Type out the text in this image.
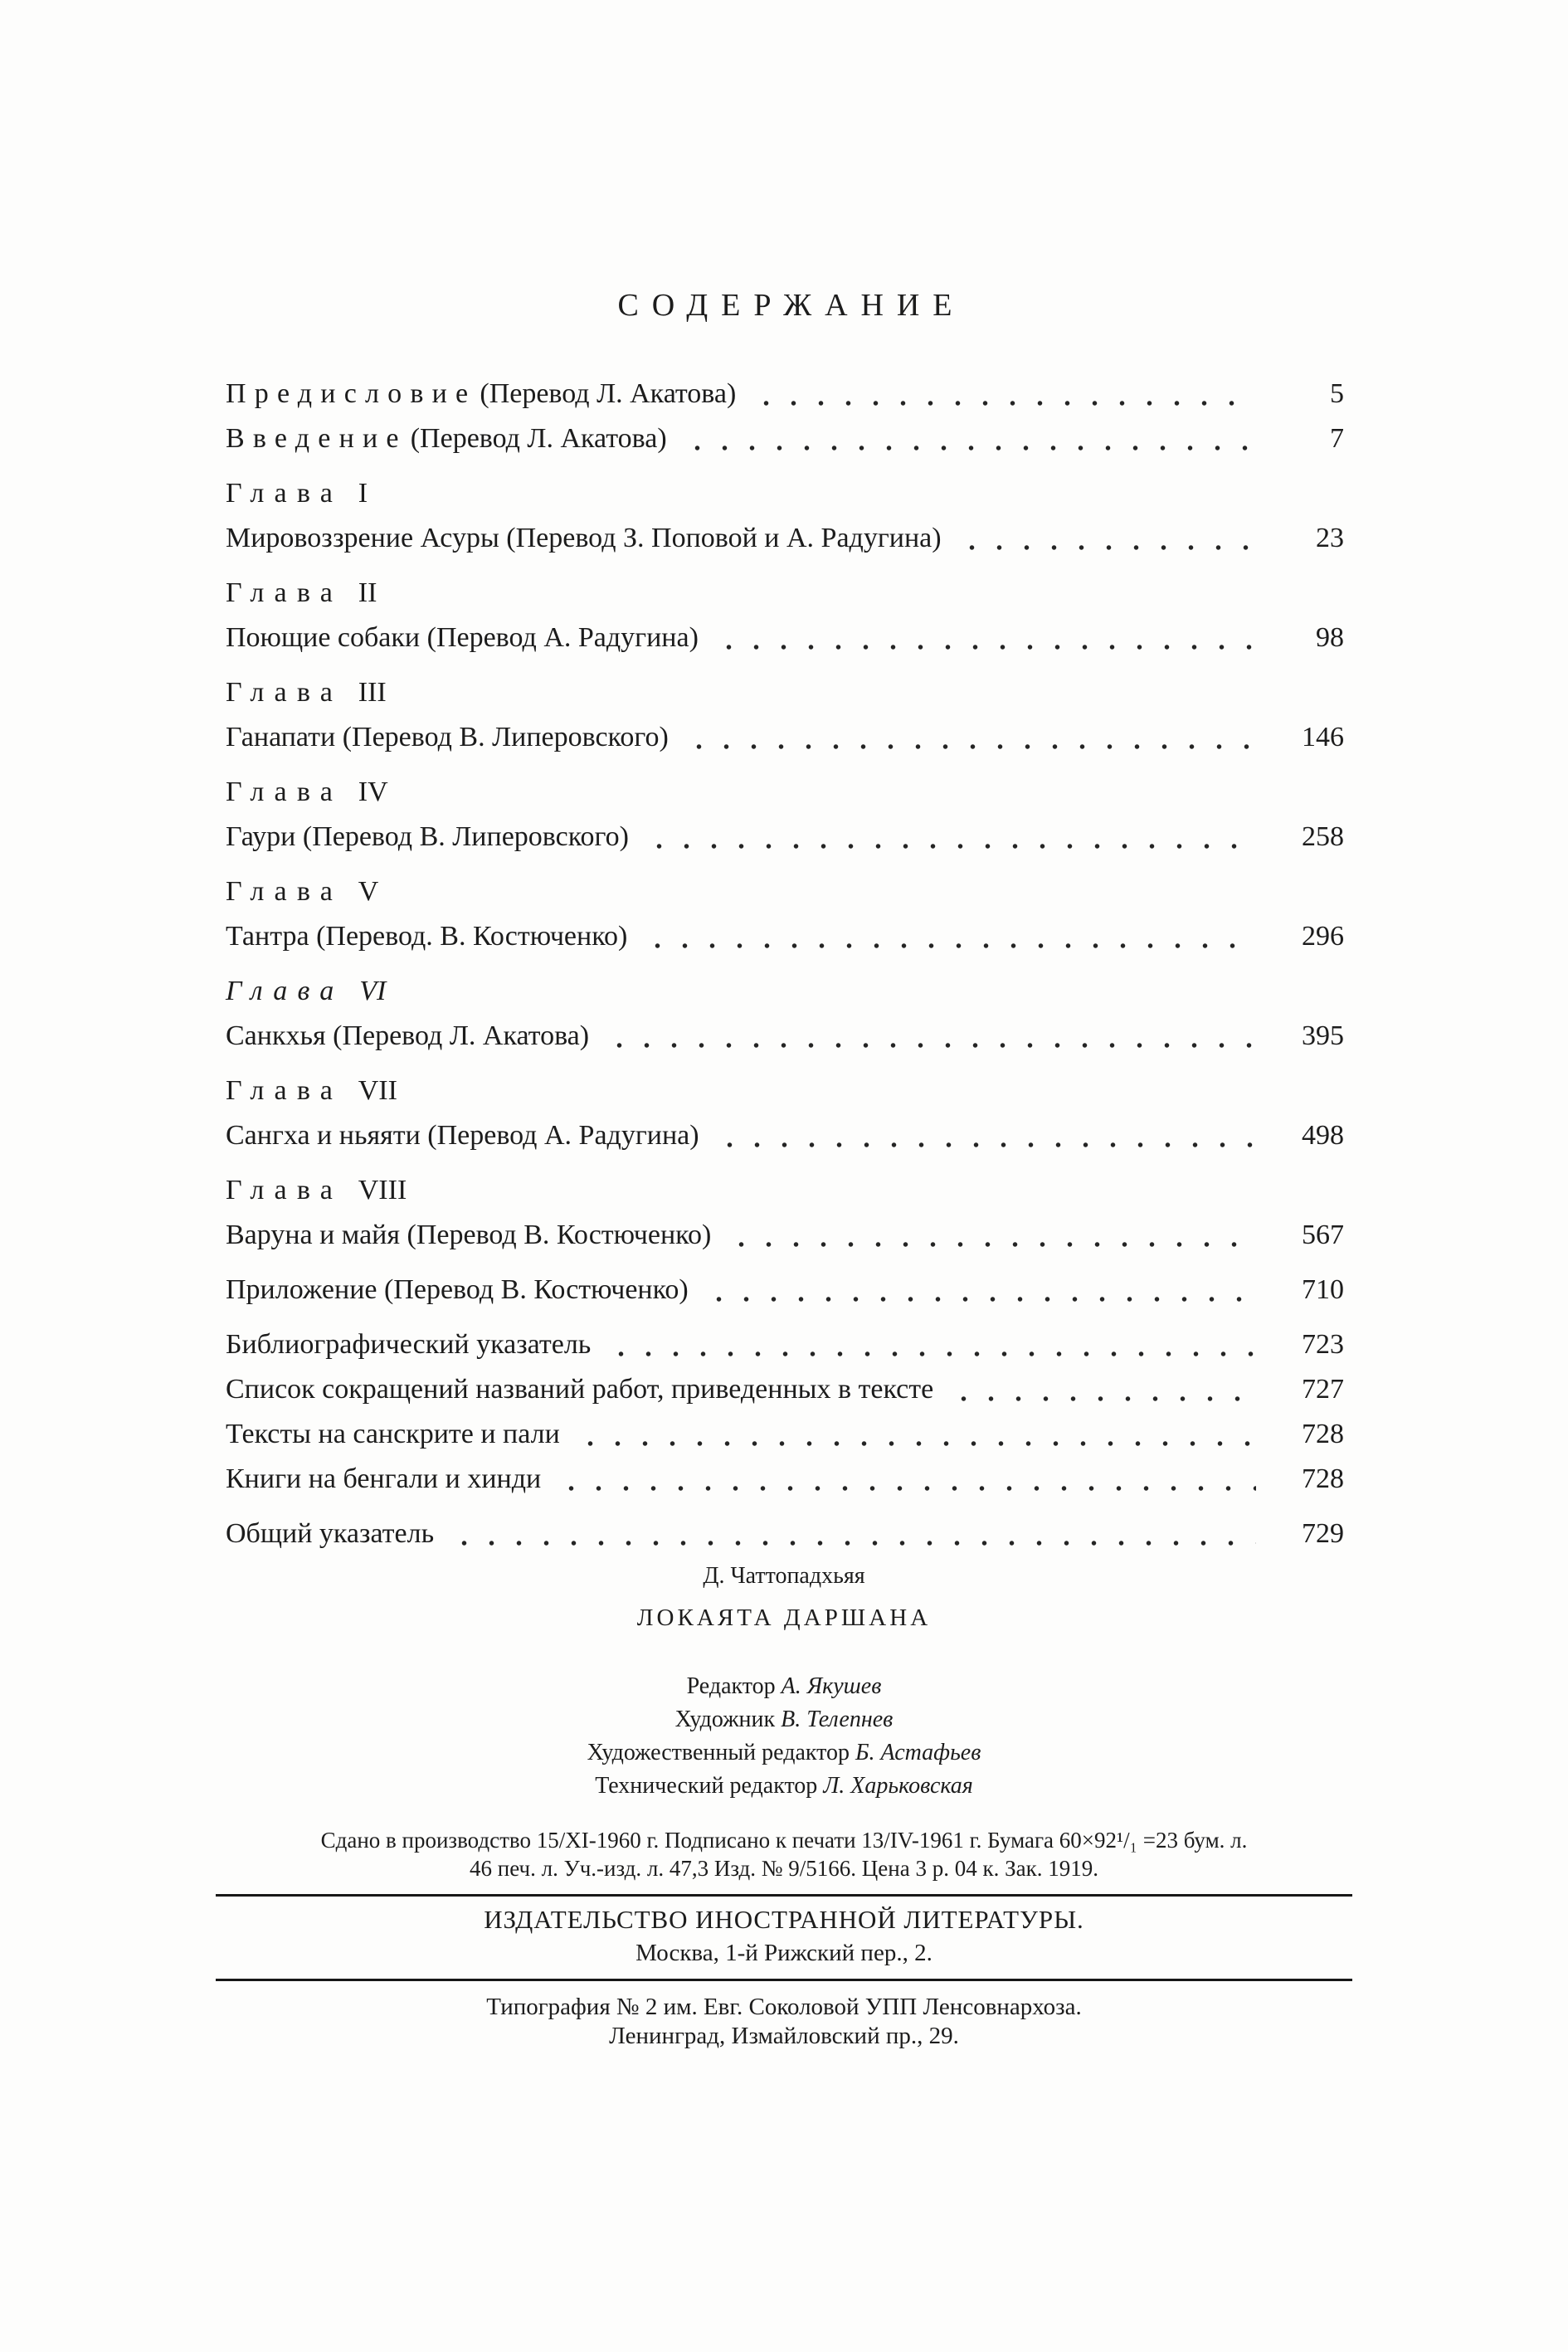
СОДЕРЖАНИЕ
Предисловие (Перевод Л. Акатова)	5
Введение (Перевод Л. Акатова)	7
Глава I
Мировоззрение Асуры (Перевод З. Поповой и А. Радугина)	23
Глава II
Поющие собаки (Перевод А. Радугина)	98
Глава III
Ганапати (Перевод В. Липеровского)	146
Глава IV
Гаури (Перевод В. Липеровского)	258
Глава V
Тантра (Перевод. В. Костюченко)	296
Глава VI
Санкхья (Перевод Л. Акатова)	395
Глава VII
Сангха и ньяяти (Перевод А. Радугина)	498
Глава VIII
Варуна и майя (Перевод В. Костюченко)	567
Приложение (Перевод В. Костюченко)	710
Библиографический указатель	723
Список сокращений названий работ, приведенных в тексте	727
Тексты на санскрите и пали	728
Книги на бенгали и хинди	728
Общий указатель	729
Д. Чаттопадхьяя
ЛОКАЯТА ДАРШАНА
Редактор А. Якушев
Художник В. Телепнев
Художественный редактор Б. Астафьев
Технический редактор Л. Харьковская
Сдано в производство 15/XI-1960 г. Подписано к печати 13/IV-1961 г. Бумага 60×92¹/₁ =23 бум. л.
46 печ. л. Уч.-изд. л. 47,3 Изд. № 9/5166. Цена 3 р. 04 к. Зак. 1919.
ИЗДАТЕЛЬСТВО ИНОСТРАННОЙ ЛИТЕРАТУРЫ.
Москва, 1-й Рижский пер., 2.
Типография № 2 им. Евг. Соколовой УПП Ленсовнархоза.
Ленинград, Измайловский пр., 29.
